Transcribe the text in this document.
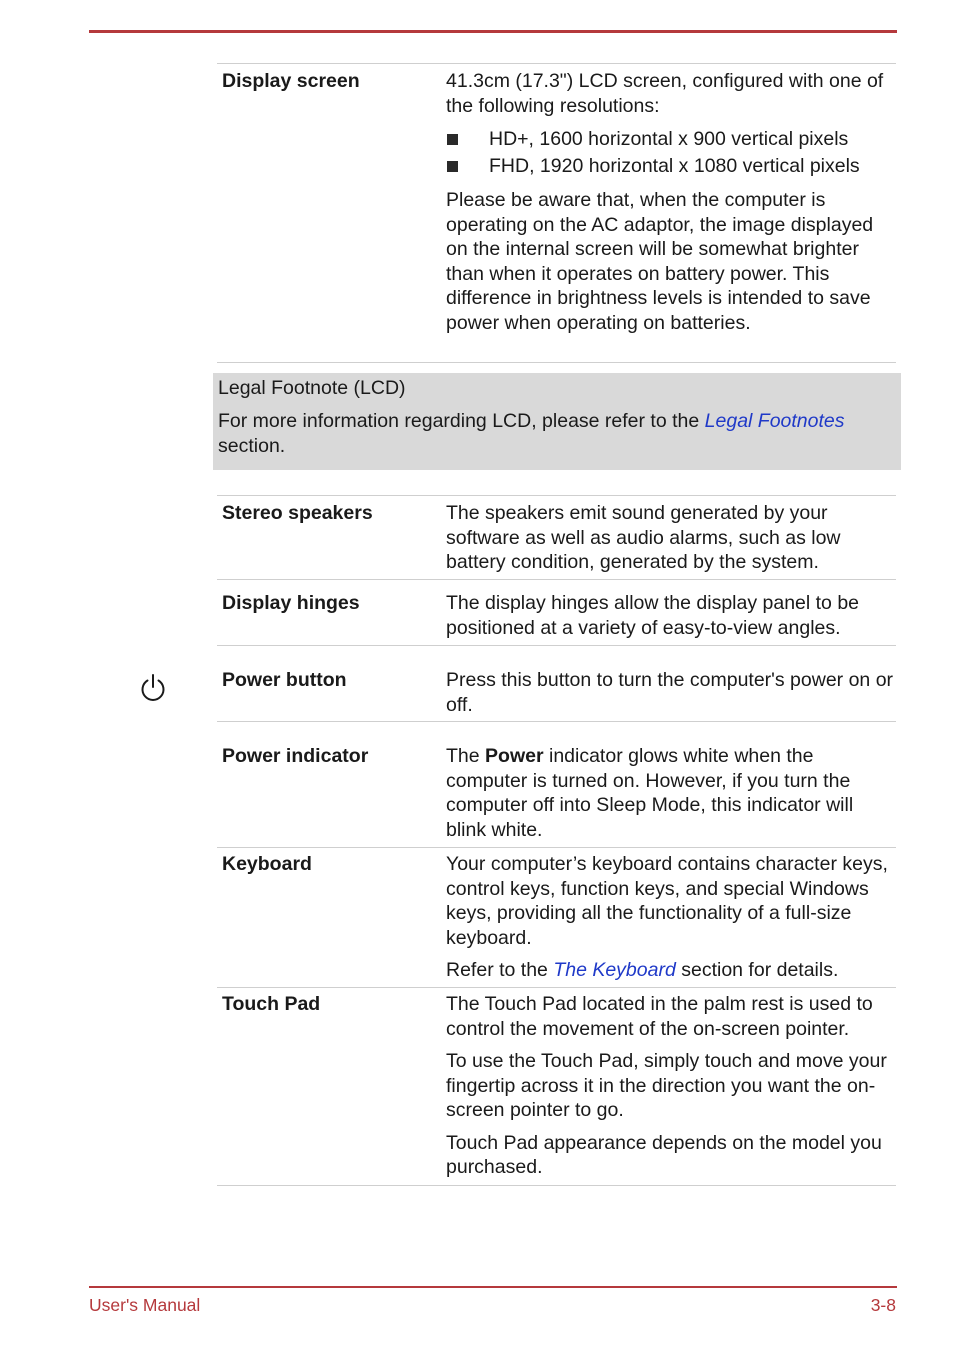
Display screen	41.3cm (17.3") LCD screen, configured with one of the following resolutions:

HD+, 1600 horizontal x 900 vertical pixels
FHD, 1920 horizontal x 1080 vertical pixels

Please be aware that, when the computer is operating on the AC adaptor, the image displayed on the internal screen will be somewhat brighter than when it operates on battery power. This difference in brightness levels is intended to save power when operating on batteries.

Legal Footnote (LCD)
For more information regarding LCD, please refer to the Legal Footnotes
section.
Stereo speakers	The speakers emit sound generated by your software as well as audio alarms, such as low battery condition, generated by the system.
Display hinges	The display hinges allow the display panel to be positioned at a variety of easy-to-view angles.
Power button	Press this button to turn the computer's power on or off.
Power indicator	The Power indicator glows white when the computer is turned on. However, if you turn the computer off into Sleep Mode, this indicator will blink white.
Keyboard	Your computer’s keyboard contains character keys, control keys, function keys, and special Windows keys, providing all the functionality of a full-size keyboard.

Refer to the The Keyboard section for details.

Touch Pad	The Touch Pad located in the palm rest is used to control the movement of the on-screen pointer.

To use the Touch Pad, simply touch and move your fingertip across it in the direction you want the on-screen pointer to go.

Touch Pad appearance depends on the model you purchased.

User's Manual	3-8
